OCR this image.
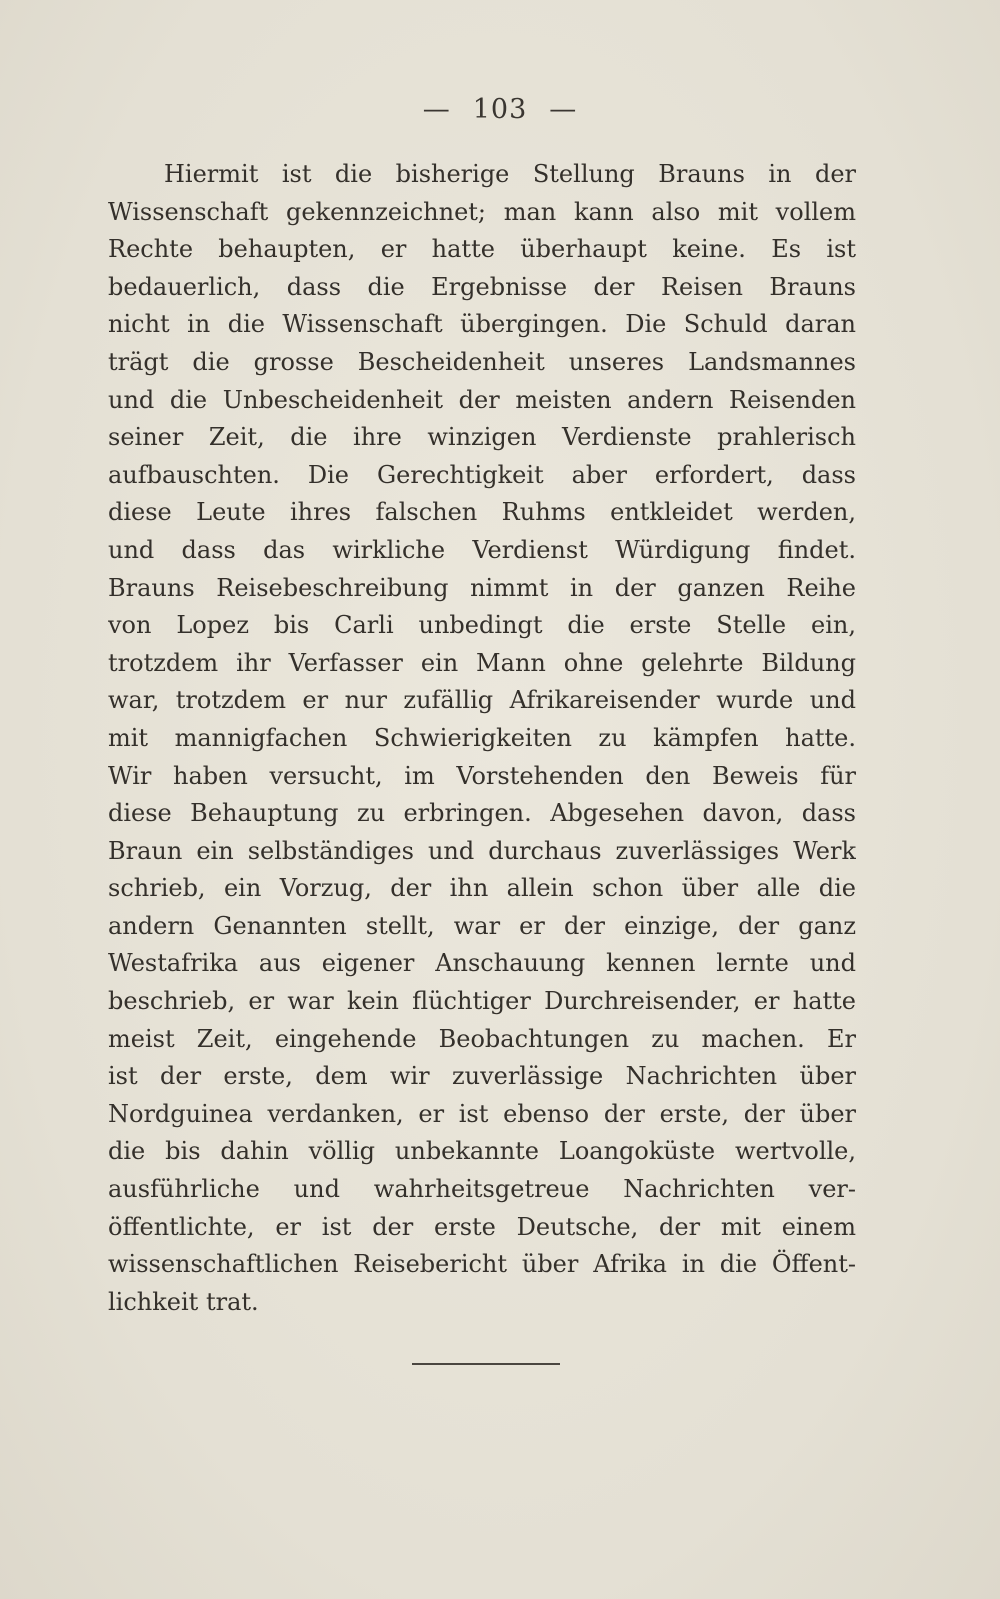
— 103 —
Hiermit ist die bisherige Stellung Brauns in der
Wissenschaft gekennzeichnet; man kann also mit vollem
Rechte behaupten, er hatte überhaupt keine. Es ist
bedauerlich, dass die Ergebnisse der Reisen Brauns
nicht in die Wissenschaft übergingen. Die Schuld daran
trägt die grosse Bescheidenheit unseres Landsmannes
und die Unbescheidenheit der meisten andern Reisenden
seiner Zeit, die ihre winzigen Verdienste prahlerisch
aufbauschten. Die Gerechtigkeit aber erfordert, dass
diese Leute ihres falschen Ruhms entkleidet werden,
und dass das wirkliche Verdienst Würdigung findet.
Brauns Reisebeschreibung nimmt in der ganzen Reihe
von Lopez bis Carli unbedingt die erste Stelle ein,
trotzdem ihr Verfasser ein Mann ohne gelehrte Bildung
war, trotzdem er nur zufällig Afrikareisender wurde und
mit mannigfachen Schwierigkeiten zu kämpfen hatte.
Wir haben versucht, im Vorstehenden den Beweis für
diese Behauptung zu erbringen. Abgesehen davon, dass
Braun ein selbständiges und durchaus zuverlässiges Werk
schrieb, ein Vorzug, der ihn allein schon über alle die
andern Genannten stellt, war er der einzige, der ganz
Westafrika aus eigener Anschauung kennen lernte und
beschrieb, er war kein flüchtiger Durchreisender, er hatte
meist Zeit, eingehende Beobachtungen zu machen. Er
ist der erste, dem wir zuverlässige Nachrichten über
Nordguinea verdanken, er ist ebenso der erste, der über
die bis dahin völlig unbekannte Loangoküste wertvolle,
ausführliche und wahrheitsgetreue Nachrichten ver-
öffentlichte, er ist der erste Deutsche, der mit einem
wissenschaftlichen Reisebericht über Afrika in die Öffent-
lichkeit trat.
